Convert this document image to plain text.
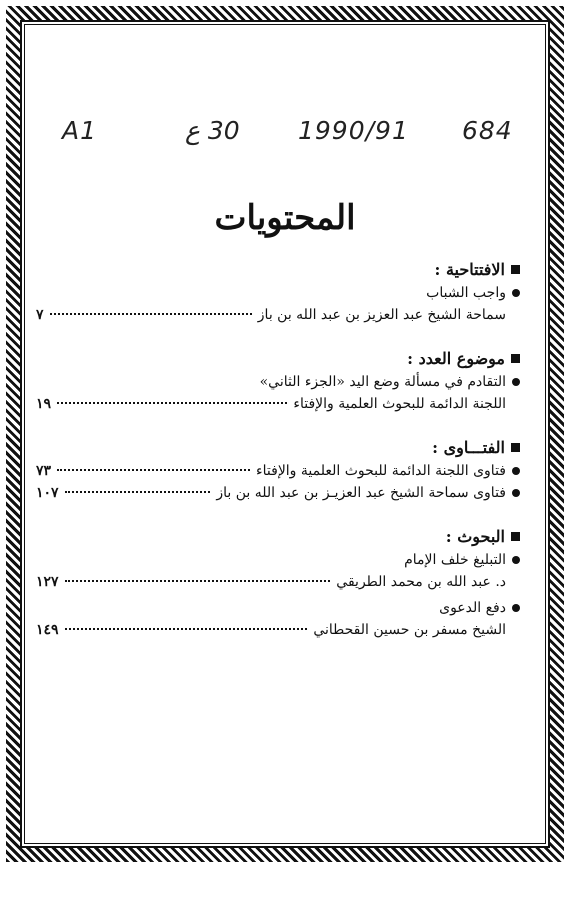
A1	30 ع 1990/91 684
المحتويات
الافتتاحية :
واجب الشباب
سماحة الشيخ عبد العزيز بن عبد الله بن باز
٧
موضوع العدد :
التقادم في مسألة وضع اليد «الجزء الثاني»
اللجنة الدائمة للبحوث العلمية والإفتاء
١٩
الفتـــاوى :
فتاوى اللجنة الدائمة للبحوث العلمية والإفتاء
٧٣
فتاوى سماحة الشيخ عبد العزيـز بن عبد الله بن باز
١٠٧
البحوث :
التبليغ خلف الإمام
د. عبد الله بن محمد الطريقي
١٢٧
دفع الدعوى
الشيخ مسفر بن حسين القحطاني
١٤٩
